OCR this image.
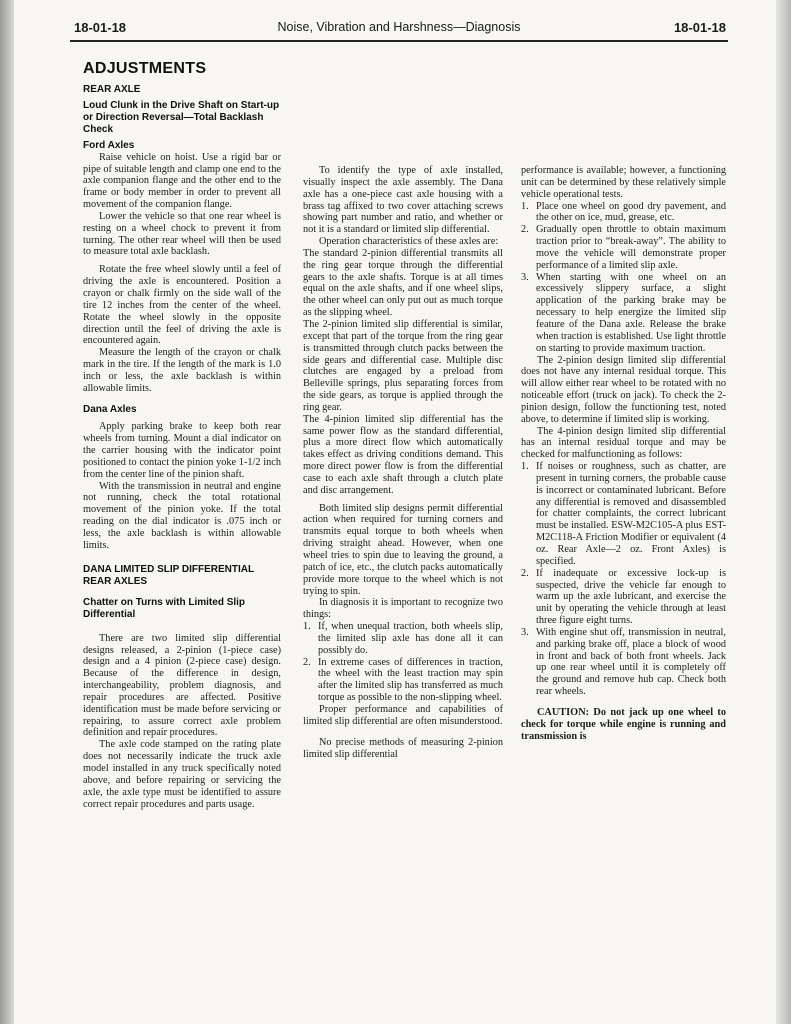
18-01-18	Noise, Vibration and Harshness—Diagnosis	18-01-18
ADJUSTMENTS
REAR AXLE
Loud Clunk in the Drive Shaft on Start-up or Direction Reversal—Total Backlash Check
Ford Axles

Raise vehicle on hoist. Use a rigid bar or pipe of suitable length and clamp one end to the axle companion flange and the other end to the frame or body member in order to prevent all movement of the companion flange.

Lower the vehicle so that one rear wheel is resting on a wheel chock to prevent it from turning. The other rear wheel will then be used to measure total axle backlash.

Rotate the free wheel slowly until a feel of driving the axle is encountered. Position a crayon or chalk firmly on the side wall of the tire 12 inches from the center of the wheel. Rotate the wheel slowly in the opposite direction until the feel of driving the axle is encountered again.

Measure the length of the crayon or chalk mark in the tire. If the length of the mark is 1.0 inch or less, the axle backlash is within allowable limits.

Dana Axles

Apply parking brake to keep both rear wheels from turning. Mount a dial indicator on the carrier housing with the indicator point positioned to contact the pinion yoke 1-1/2 inch from the center line of the pinion shaft.

With the transmission in neutral and engine not running, check the total rotational movement of the pinion yoke. If the total reading on the dial indicator is .075 inch or less, the axle backlash is within allowable limits.

DANA LIMITED SLIP DIFFERENTIAL REAR AXLES
Chatter on Turns with Limited Slip Differential

There are two limited slip differential designs released, a 2-pinion (1-piece case) design and a 4 pinion (2-piece case) design. Because of the difference in design, interchangeability, problem diagnosis, and repair procedures are affected. Positive identification must be made before servicing or repairing, to assure correct axle problem definition and repair procedures.

The axle code stamped on the rating plate does not necessarily indicate the truck axle model installed in any truck specifically noted above, and before repairing or servicing the axle, the axle type must be identified to assure correct repair procedures and parts usage.

To identify the type of axle installed, visually inspect the axle assembly. The Dana axle has a one-piece cast axle housing with a brass tag affixed to two cover attaching screws showing part number and ratio, and whether or not it is a standard or limited slip differential.

Operation characteristics of these axles are:

The standard 2-pinion differential transmits all the ring gear torque through the differential gears to the axle shafts. Torque is at all times equal on the axle shafts, and if one wheel slips, the other wheel can only put out as much torque as the slipping wheel.

The 2-pinion limited slip differential is similar, except that part of the torque from the ring gear is transmitted through clutch packs between the side gears and differential case. Multiple disc clutches are engaged by a preload from Belleville springs, plus separating forces from the side gears, as torque is applied through the ring gear.

The 4-pinion limited slip differential has the same power flow as the standard differential, plus a more direct flow which automatically takes effect as driving conditions demand. This more direct power flow is from the differential case to each axle shaft through a clutch plate and disc arrangement.

Both limited slip designs permit differential action when required for turning corners and transmits equal torque to both wheels when driving straight ahead. However, when one wheel tries to spin due to leaving the ground, a patch of ice, etc., the clutch packs automatically provide more torque to the wheel which is not trying to spin.

In diagnosis it is important to recognize two things:

1. If, when unequal traction, both wheels slip, the limited slip axle has done all it can possibly do.
2. In extreme cases of differences in traction, the wheel with the least traction may spin after the limited slip has transferred as much torque as possible to the non-slipping wheel.

Proper performance and capabilities of limited slip differential are often misunderstood.

No precise methods of measuring 2-pinion limited slip differential

performance is available; however, a functioning unit can be determined by these relatively simple vehicle operational tests.

1. Place one wheel on good dry pavement, and the other on ice, mud, grease, etc.
2. Gradually open throttle to obtain maximum traction prior to “break-away”. The ability to move the vehicle will demonstrate proper performance of a limited slip axle.
3. When starting with one wheel on an excessively slippery surface, a slight application of the parking brake may be necessary to help energize the limited slip feature of the Dana axle. Release the brake when traction is established. Use light throttle on starting to provide maximum traction.

The 2-pinion design limited slip differential does not have any internal residual torque. This will allow either rear wheel to be rotated with no noticeable effort (truck on jack). To check the 2-pinion design, follow the functioning test, noted above, to determine if limited slip is working.

The 4-pinion design limited slip differential has an internal residual torque and may be checked for malfunctioning as follows:

1. If noises or roughness, such as chatter, are present in turning corners, the probable cause is incorrect or contaminated lubricant. Before any differential is removed and disassembled for chatter complaints, the correct lubricant must be installed. ESW-M2C105-A plus EST-M2C118-A Friction Modifier or equivalent (4 oz. Rear Axle—2 oz. Front Axles) is specified.
2. If inadequate or excessive lock-up is suspected, drive the vehicle far enough to warm up the axle lubricant, and exercise the unit by operating the vehicle through at least three figure eight turns.
3. With engine shut off, transmission in neutral, and parking brake off, place a block of wood in front and back of both front wheels. Jack up one rear wheel until it is completely off the ground and remove hub cap. Check both rear wheels.

CAUTION: Do not jack up one wheel to check for torque while engine is running and transmission is
